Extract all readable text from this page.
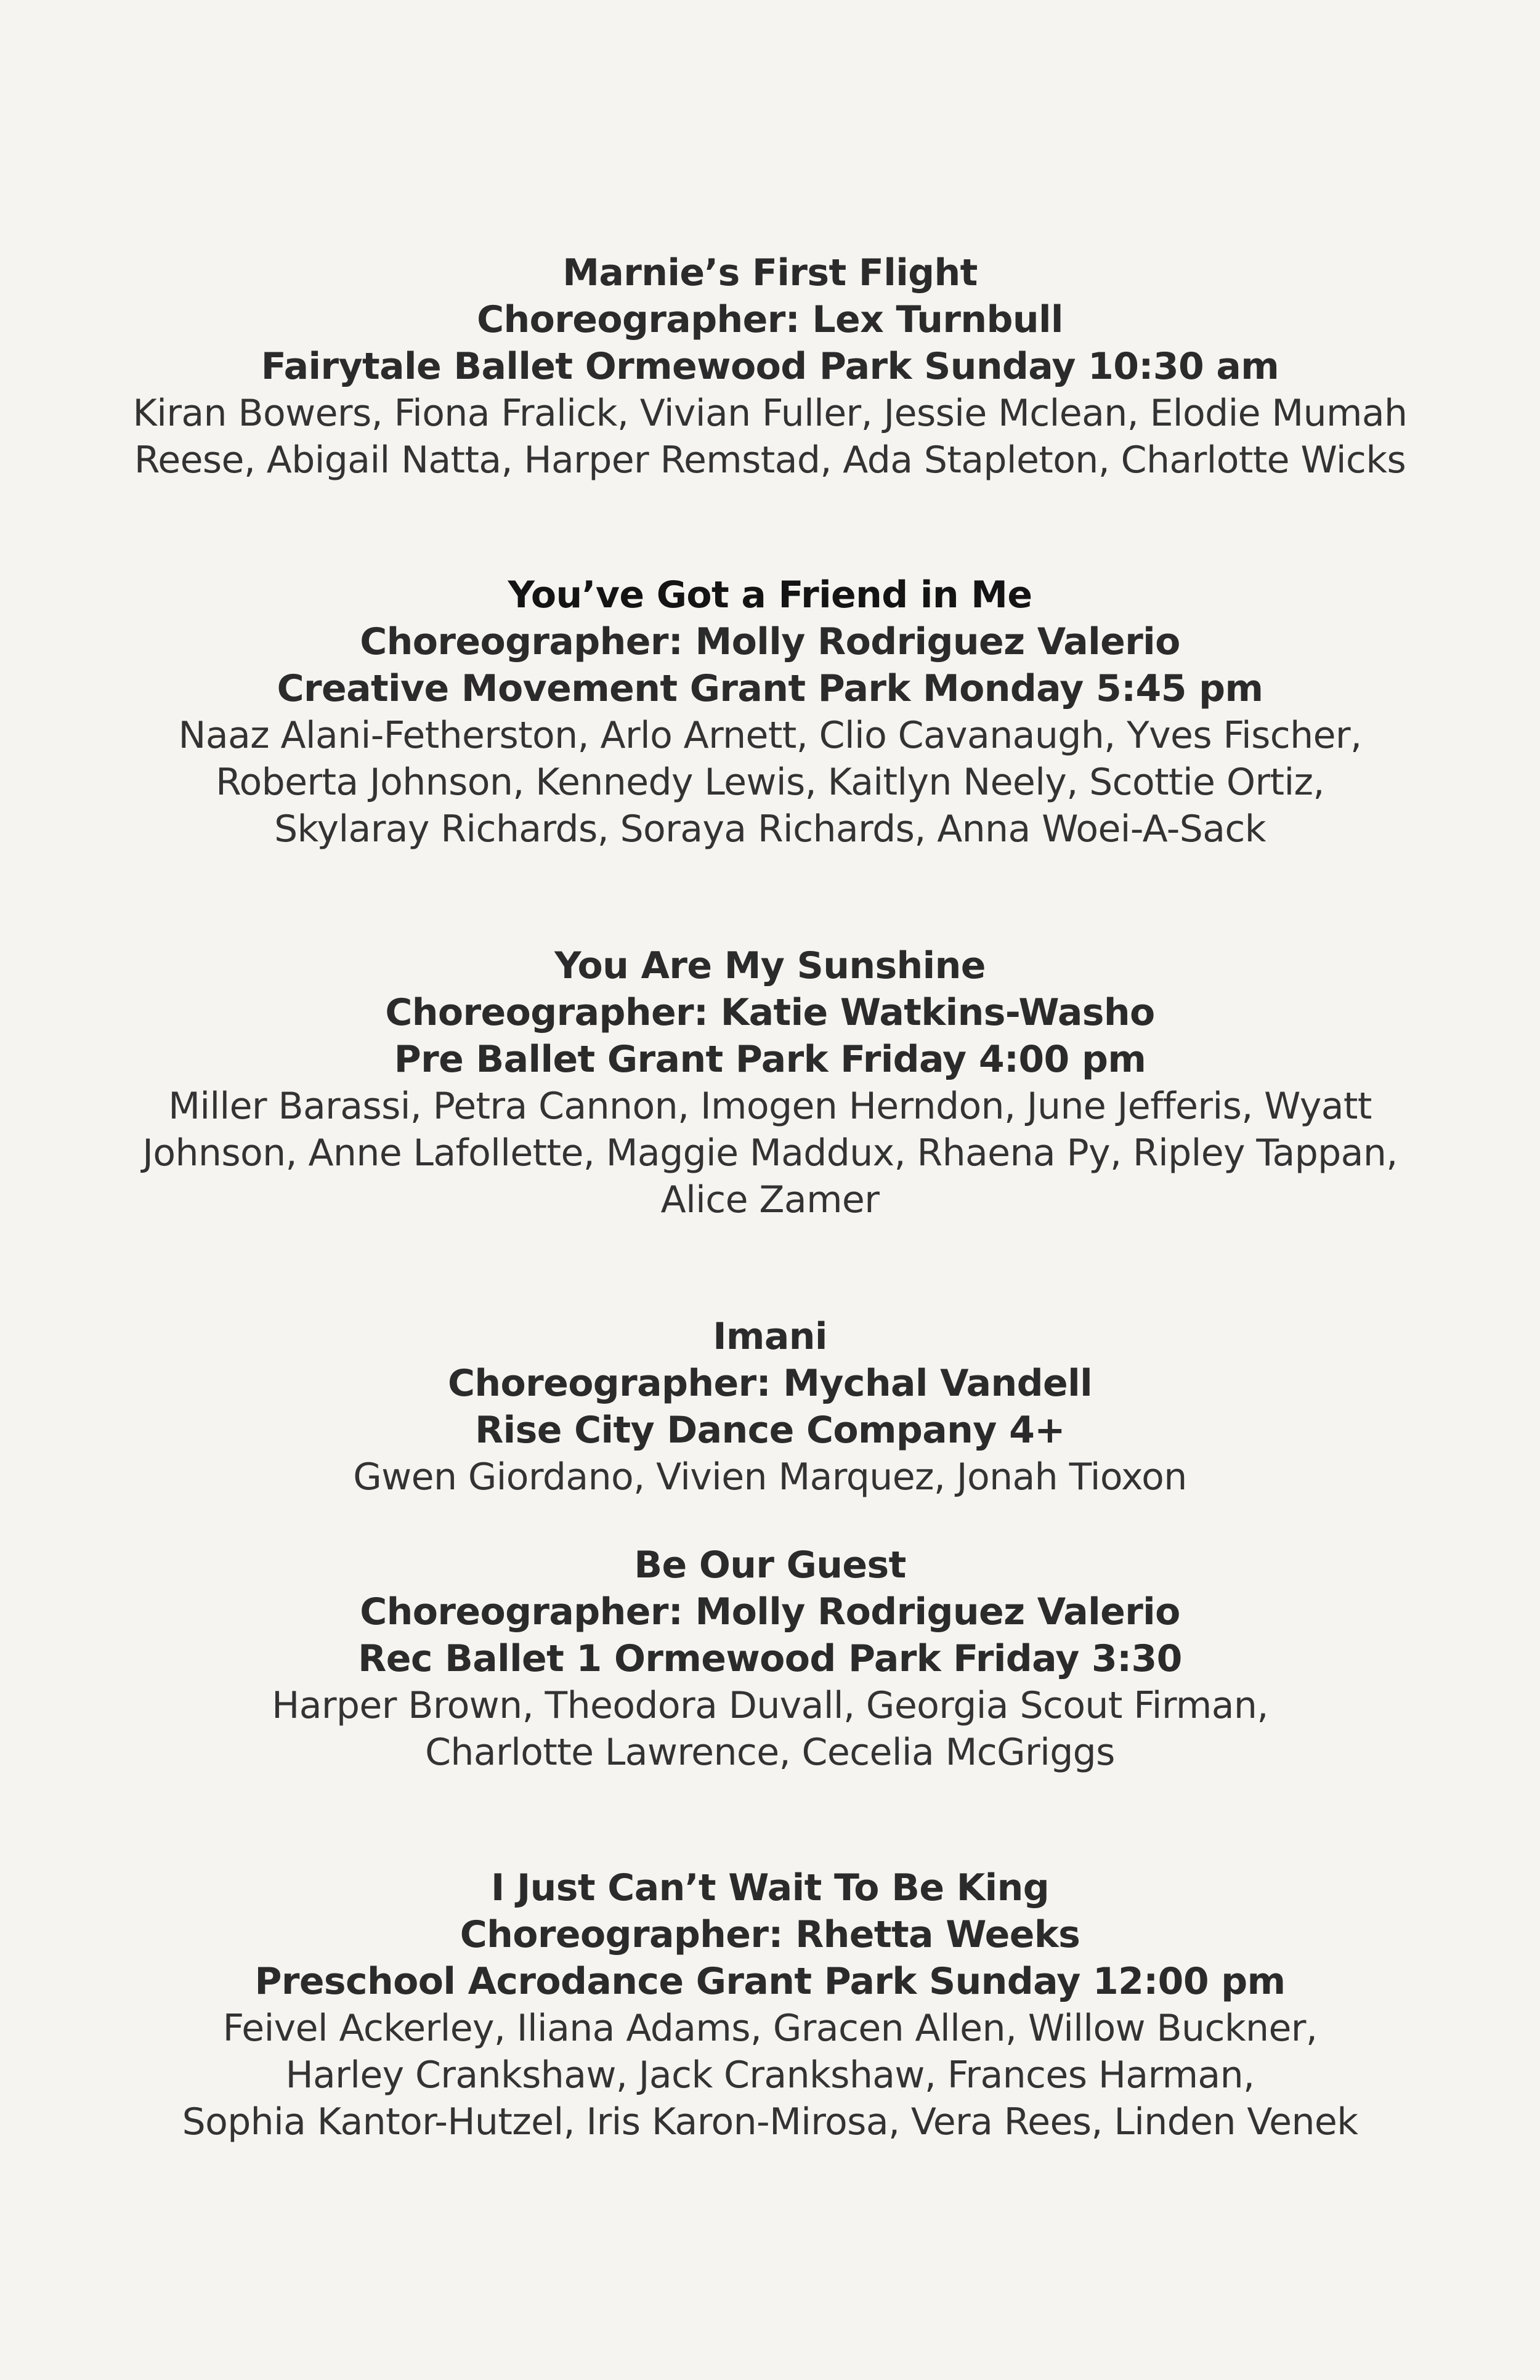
Marnie’s First Flight
Choreographer: Lex Turnbull
Fairytale Ballet Ormewood Park Sunday 10:30 am
Kiran Bowers, Fiona Fralick, Vivian Fuller, Jessie Mclean, Elodie Mumah
Reese, Abigail Natta, Harper Remstad, Ada Stapleton, Charlotte Wicks
You’ve Got a Friend in Me
Choreographer: Molly Rodriguez Valerio
Creative Movement Grant Park Monday 5:45 pm
Naaz Alani-Fetherston, Arlo Arnett, Clio Cavanaugh, Yves Fischer,
Roberta Johnson, Kennedy Lewis, Kaitlyn Neely, Scottie Ortiz,
Skylaray Richards, Soraya Richards, Anna Woei-A-Sack
You Are My Sunshine
Choreographer: Katie Watkins-Washo
Pre Ballet Grant Park Friday 4:00 pm
Miller Barassi, Petra Cannon, Imogen Herndon, June Jefferis, Wyatt
Johnson, Anne Lafollette, Maggie Maddux, Rhaena Py, Ripley Tappan,
Alice Zamer
Imani
Choreographer: Mychal Vandell
Rise City Dance Company 4+
Gwen Giordano, Vivien Marquez, Jonah Tioxon
Be Our Guest
Choreographer: Molly Rodriguez Valerio
Rec Ballet 1 Ormewood Park Friday 3:30
Harper Brown, Theodora Duvall, Georgia Scout Firman,
Charlotte Lawrence, Cecelia McGriggs
I Just Can’t Wait To Be King
Choreographer: Rhetta Weeks
Preschool Acrodance Grant Park Sunday 12:00 pm
Feivel Ackerley, Iliana Adams, Gracen Allen, Willow Buckner,
Harley Crankshaw, Jack Crankshaw, Frances Harman,
Sophia Kantor-Hutzel, Iris Karon-Mirosa, Vera Rees, Linden Venek
